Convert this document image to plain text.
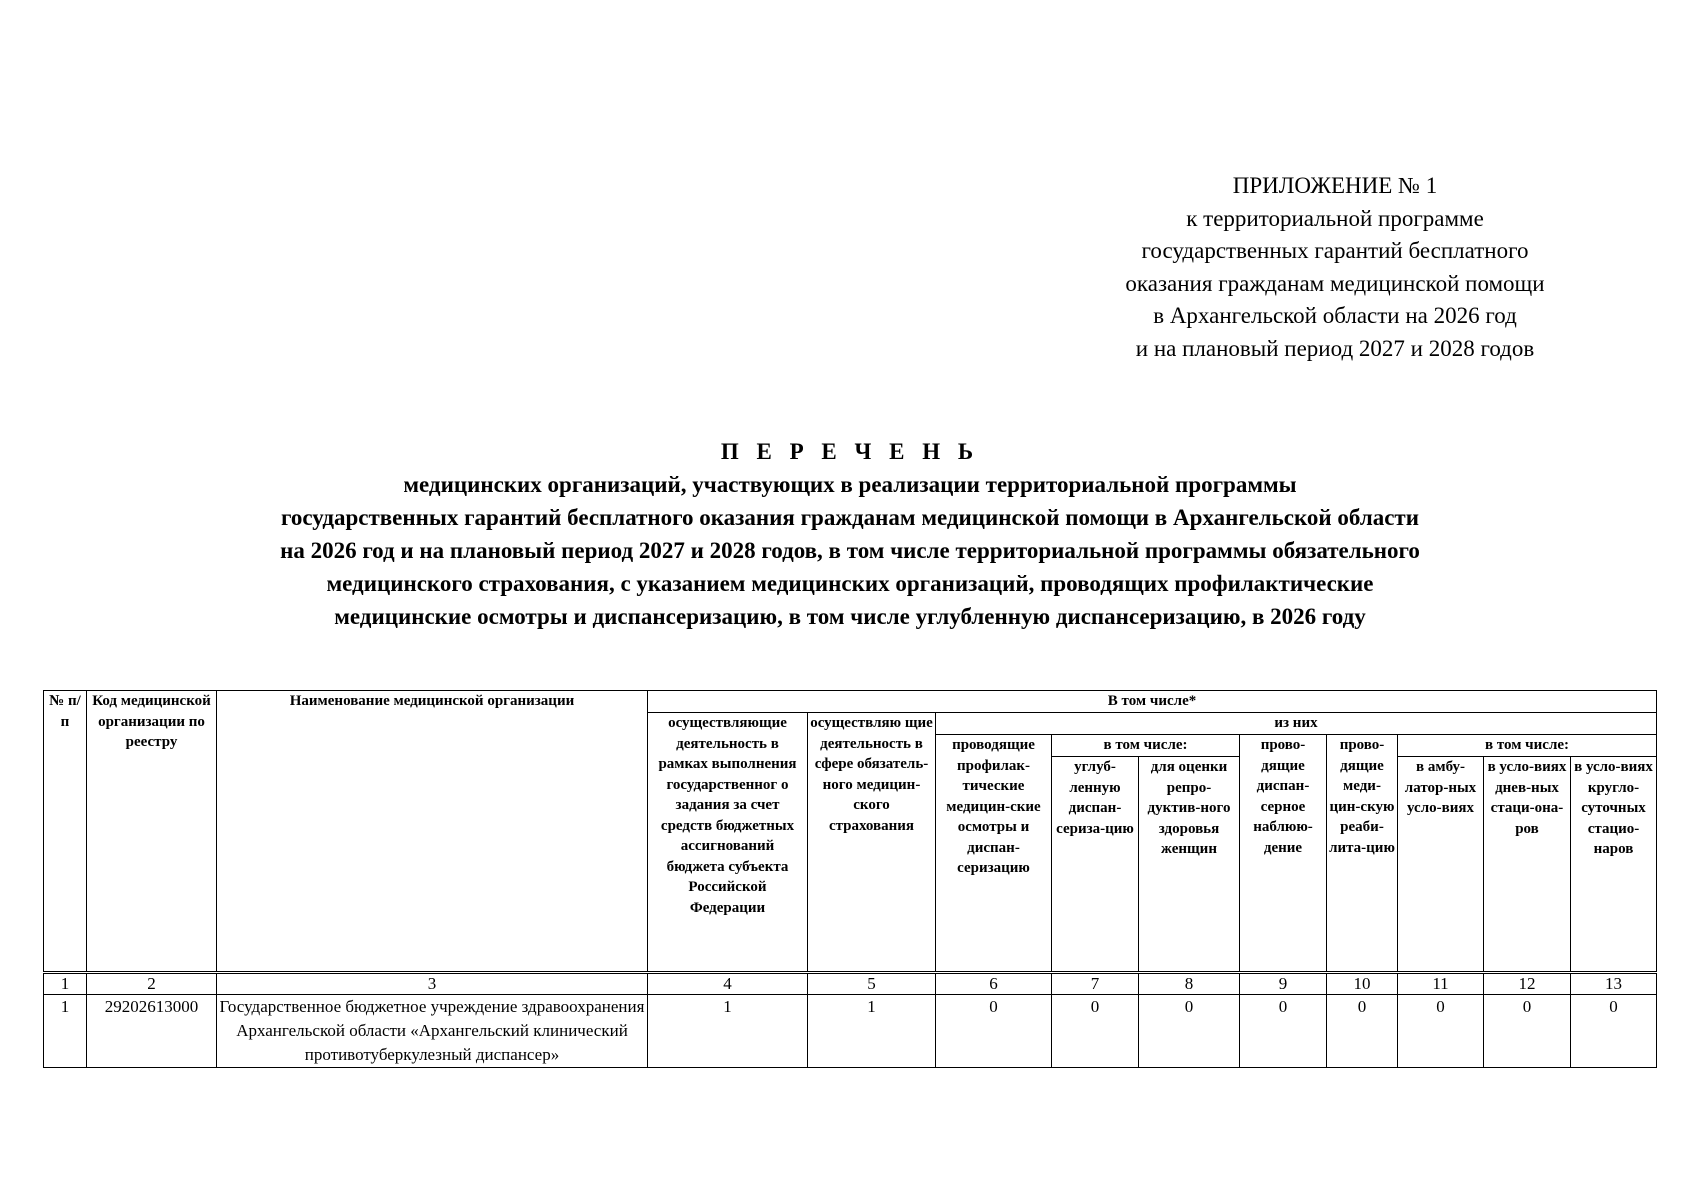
ПРИЛОЖЕНИЕ № 1
к территориальной программе
государственных гарантий бесплатного
оказания гражданам медицинской помощи
в Архангельской области на 2026 год
и на плановый период 2027 и 2028 годов
П Е Р Е Ч Е Н Ь
медицинских организаций, участвующих в реализации территориальной программы
государственных гарантий бесплатного оказания гражданам медицинской помощи в Архангельской области
на 2026 год и на плановый период 2027 и 2028 годов, в том числе территориальной программы обязательного
медицинского страхования, с указанием медицинских организаций, проводящих профилактические
медицинские осмотры и диспансеризацию, в том числе углубленную диспансеризацию, в 2026 году
№ п/п	Код медицинской организации по реестру	Наименование медицинской организации	В том числе*									
			осуществляющие деятельность в рамках выполнения государственног о задания за счет средств бюджетных ассигнований бюджета субъекта Российской Федерации	осуществляю щие деятельность в сфере обязатель-ного медицин-ского страхования	из них							
					проводящие профилак-тические медицин-ские осмотры и диспан-серизацию	в том числе:		прово-дящие диспан-серное наблюю-дение	прово-дящие меди-цин-скую реаби-лита-цию	в том числе:		
						углуб-ленную диспан-сериза-цию	для оценки репро-дуктив-ного здоровья женщин			в амбу-латор-ных усло-виях	в усло-виях днев-ных стаци-она-ров	в усло-виях кругло-суточных стацио-наров
1	2	3	4	5	6	7	8	9	10	11	12	13
1	29202613000	Государственное бюджетное учреждение здравоохранения Архангельской области «Архангельский клинический противотуберкулезный диспансер»	1	1	0	0	0	0	0	0	0	0
